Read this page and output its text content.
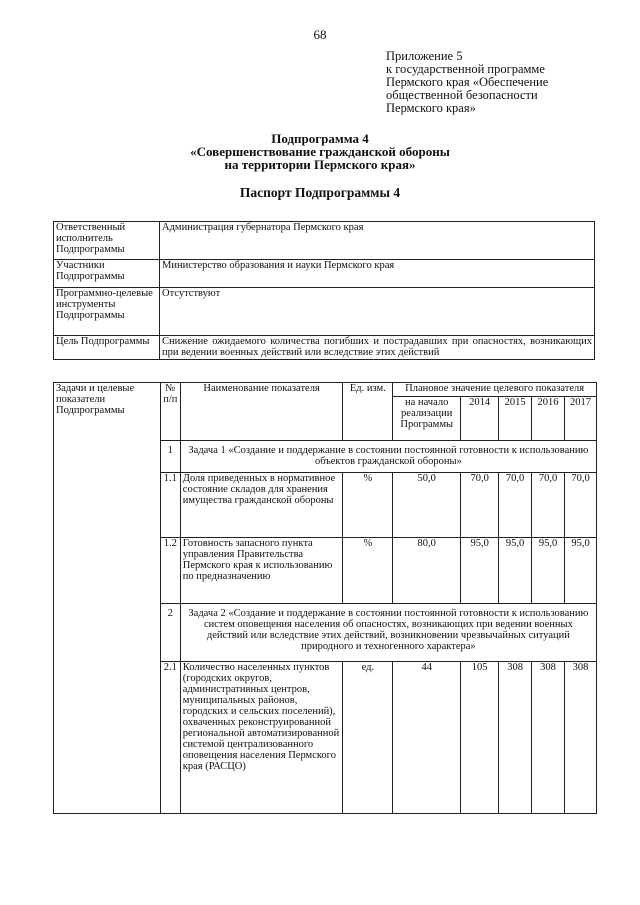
68
Приложение 5
к государственной программе
Пермского края «Обеспечение
общественной безопасности
Пермского края»
Подпрограмма 4
«Совершенствование гражданской обороны
на территории Пермского края»
Паспорт Подпрограммы 4
Ответственный исполнитель Подпрограммы	Администрация губернатора Пермского края
Участники Подпрограммы	Министерство образования и науки Пермского края
Программно-целевые инструменты Подпрограммы	Отсутствуют
Цель Подпрограммы	Снижение ожидаемого количества погибших и пострадавших при опасностях, возникающих при ведении военных действий или вследствие этих действий
Задачи и целевые показатели Подпрограммы	№ п/п	Наименование показателя	Ед. изм.	Плановое значение целевого показателя				
				на начало реализации Программы	2014	2015	2016	2017
	1	Задача 1 «Создание и поддержание в состоянии постоянной готовности к использованию объектов гражданской обороны»						
	1.1	Доля приведенных в нормативное состояние складов для хранения имущества гражданской обороны	%	50,0	70,0	70,0	70,0	70,0
	1.2	Готовность запасного пункта управления Правительства Пермского края к использованию по предназначению	%	80,0	95,0	95,0	95,0	95,0
	2	Задача 2 «Создание и поддержание в состоянии постоянной готовности к использованию систем оповещения населения об опасностях, возникающих при ведении военных действий или вследствие этих действий, возникновении чрезвычайных ситуаций природного и техногенного характера»						
	2.1	Количество населенных пунктов (городских округов, административных центров, муниципальных районов, городских и сельских поселений), охваченных реконструированной региональной автоматизированной системой централизованного оповещения населения Пермского края (РАСЦО)	ед.	44	105	308	308	308
